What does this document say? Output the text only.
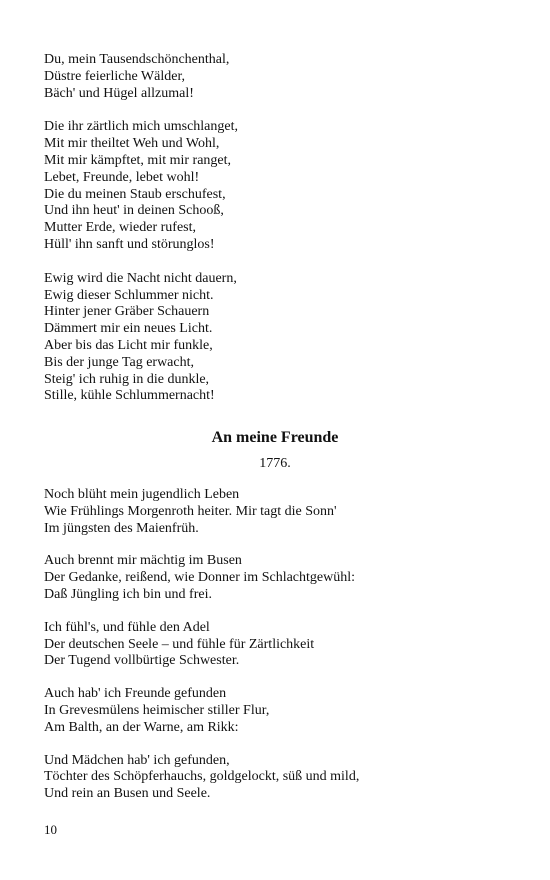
Du, mein Tausendschönchenthal,
Düstre feierliche Wälder,
Bäch' und Hügel allzumal!
Die ihr zärtlich mich umschlanget,
Mit mir theiltet Weh und Wohl,
Mit mir kämpftet, mit mir ranget,
Lebet, Freunde, lebet wohl!
Die du meinen Staub erschufest,
Und ihn heut' in deinen Schooß,
Mutter Erde, wieder rufest,
Hüll' ihn sanft und störunglos!
Ewig wird die Nacht nicht dauern,
Ewig dieser Schlummer nicht.
Hinter jener Gräber Schauern
Dämmert mir ein neues Licht.
Aber bis das Licht mir funkle,
Bis der junge Tag erwacht,
Steig' ich ruhig in die dunkle,
Stille, kühle Schlummernacht!
An meine Freunde
1776.
Noch blüht mein jugendlich Leben
Wie Frühlings Morgenroth heiter. Mir tagt die Sonn'
Im jüngsten des Maienfrüh.
Auch brennt mir mächtig im Busen
Der Gedanke, reißend, wie Donner im Schlachtgewühl:
Daß Jüngling ich bin und frei.
Ich fühl's, und fühle den Adel
Der deutschen Seele – und fühle für Zärtlichkeit
Der Tugend vollbürtige Schwester.
Auch hab' ich Freunde gefunden
In Grevesmülens heimischer stiller Flur,
Am Balth, an der Warne, am Rikk:
Und Mädchen hab' ich gefunden,
Töchter des Schöpferhauchs, goldgelockt, süß und mild,
Und rein an Busen und Seele.
10
